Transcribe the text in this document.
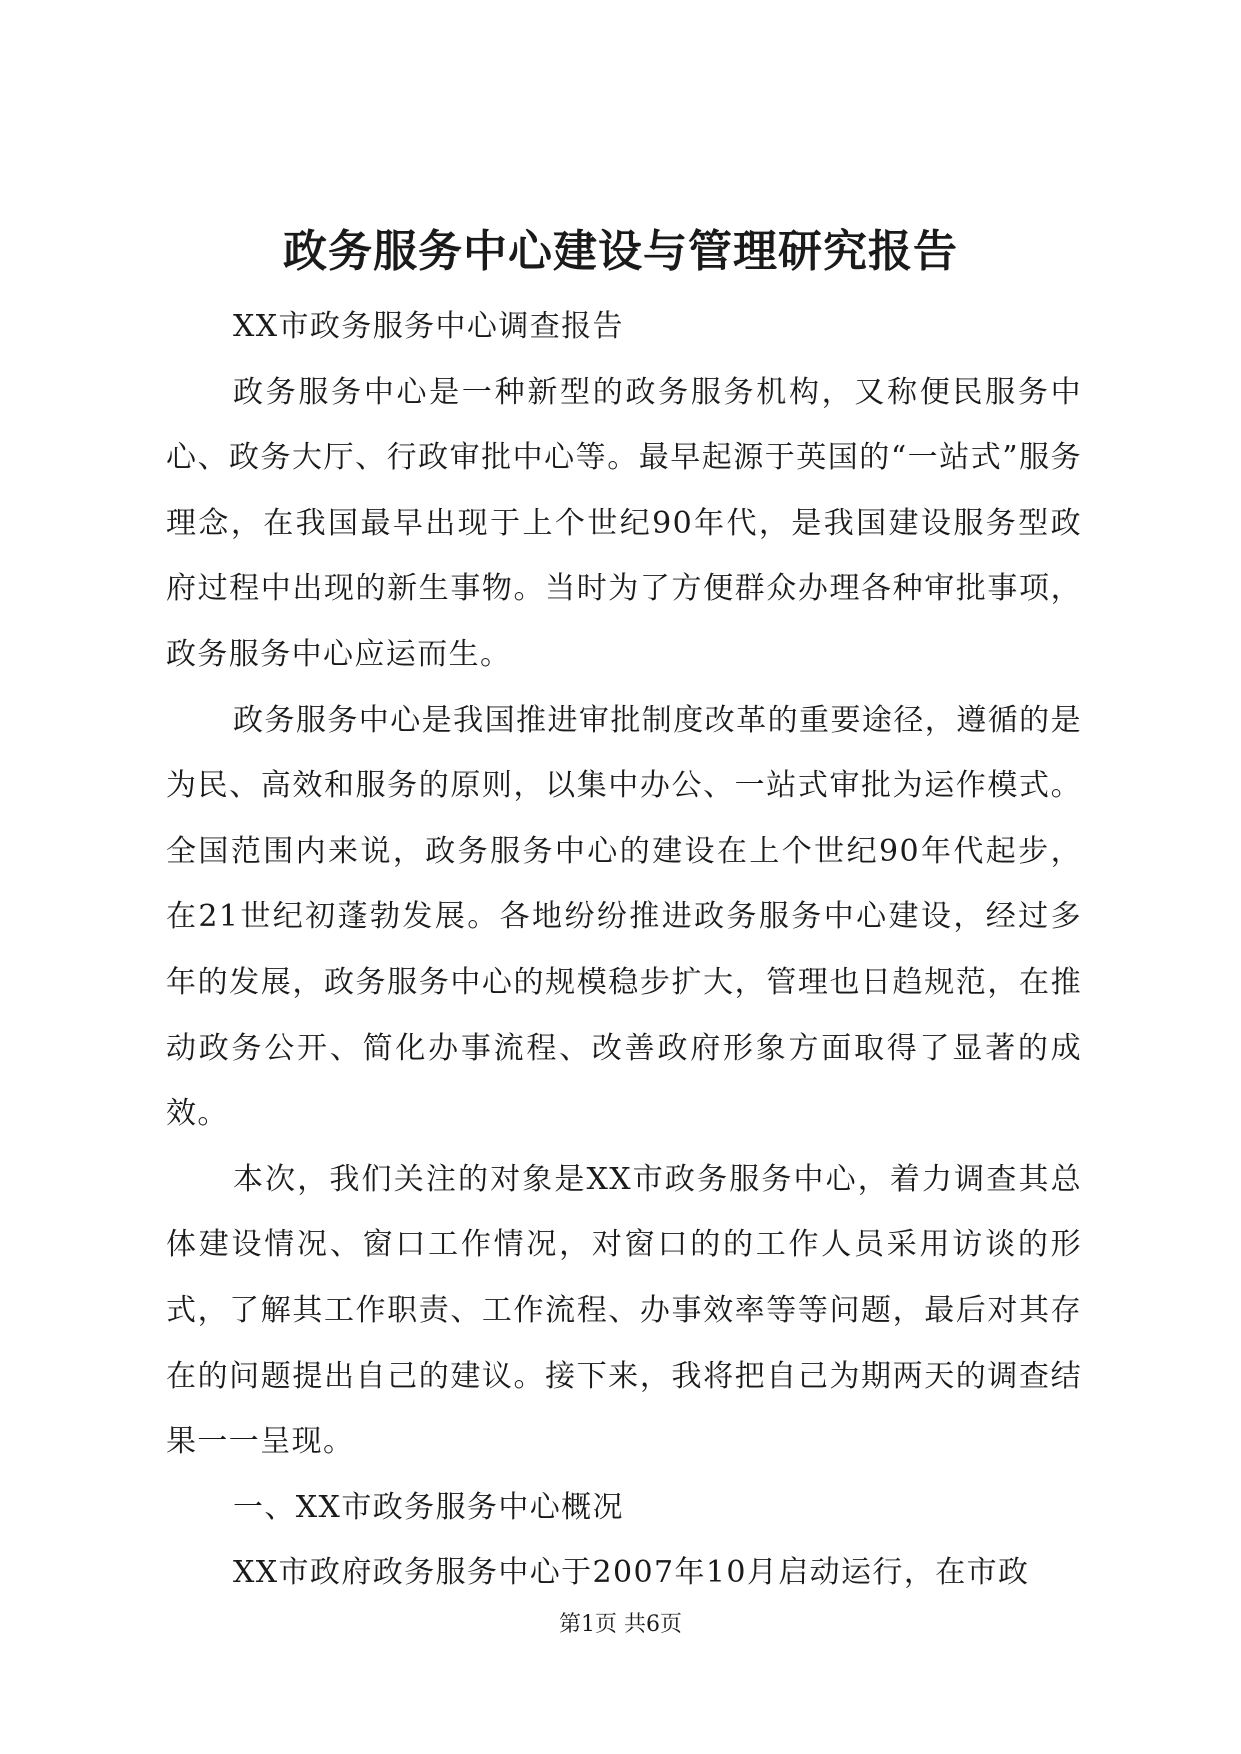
政务服务中心建设与管理研究报告

XX市政务服务中心调查报告

政务服务中心是一种新型的政务服务机构，又称便民服务中心、政务大厅、行政审批中心等。最早起源于英国的“一站式”服务理念，在我国最早出现于上个世纪90年代，是我国建设服务型政府过程中出现的新生事物。当时为了方便群众办理各种审批事项，政务服务中心应运而生。

政务服务中心是我国推进审批制度改革的重要途径，遵循的是为民、高效和服务的原则，以集中办公、一站式审批为运作模式。全国范围内来说，政务服务中心的建设在上个世纪90年代起步，在21世纪初蓬勃发展。各地纷纷推进政务服务中心建设，经过多年的发展，政务服务中心的规模稳步扩大，管理也日趋规范，在推动政务公开、简化办事流程、改善政府形象方面取得了显著的成效。

本次，我们关注的对象是XX市政务服务中心，着力调查其总体建设情况、窗口工作情况，对窗口的的工作人员采用访谈的形式，了解其工作职责、工作流程、办事效率等等问题，最后对其存在的问题提出自己的建议。接下来，我将把自己为期两天的调查结果一一呈现。

一、XX市政务服务中心概况

XX市政府政务服务中心于2007年10月启动运行，在市政

第1页 共6页
